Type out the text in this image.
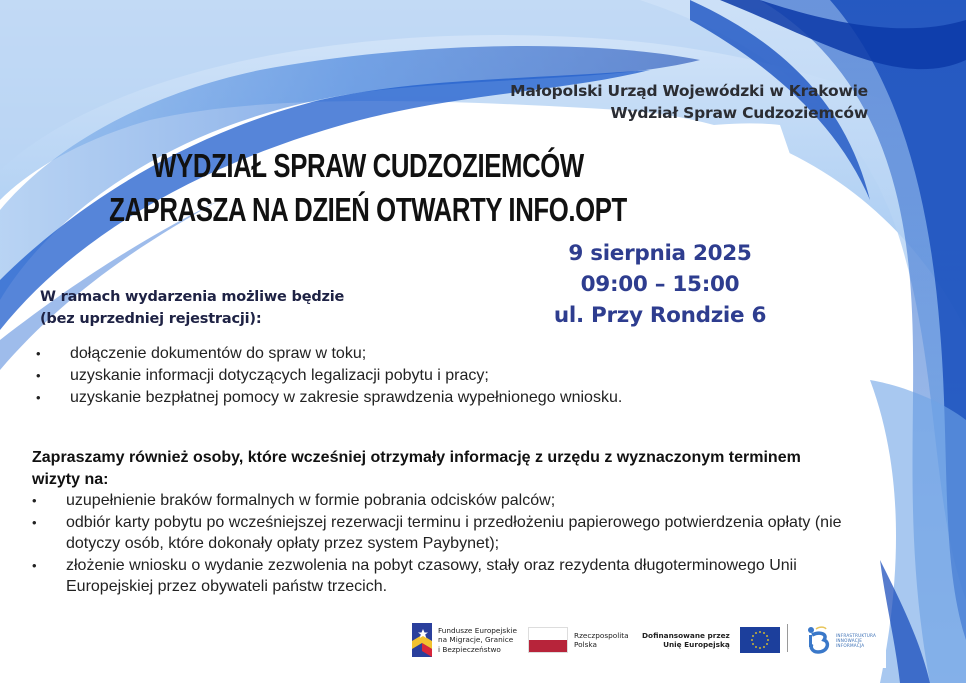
Małopolski Urząd Wojewódzki w Krakowie
Wydział Spraw Cudzoziemców
WYDZIAŁ SPRAW CUDZOZIEMCÓW
ZAPRASZA NA DZIEŃ OTWARTY INFO.OPT
9 sierpnia 2025
09:00 – 15:00
ul. Przy Rondzie 6
W ramach wydarzenia możliwe będzie
(bez uprzedniej rejestracji):
• dołączenie dokumentów do spraw w toku;
• uzyskanie informacji dotyczących legalizacji pobytu i pracy;
• uzyskanie bezpłatnej pomocy w zakresie sprawdzenia wypełnionego wniosku.
Zapraszamy również osoby, które wcześniej otrzymały informację z urzędu z wyznaczonym terminem wizyty na:
• uzupełnienie braków formalnych w formie pobrania odcisków palców;
• odbiór karty pobytu po wcześniejszej rezerwacji terminu i przedłożeniu papierowego potwierdzenia opłaty (nie dotyczy osób, które dokonały opłaty przez system Paybynet);
• złożenie wniosku o wydanie zezwolenia na pobyt czasowy, stały oraz rezydenta długoterminowego Unii Europejskiej przez obywateli państw trzecich.
Fundusze Europejskie
na Migracje, Granice
i Bezpieczeństwo
Rzeczpospolita
Polska
Dofinansowane przez
Unię Europejską
INFRASTRUKTURA
INNOWACJE
INFORMACJA
